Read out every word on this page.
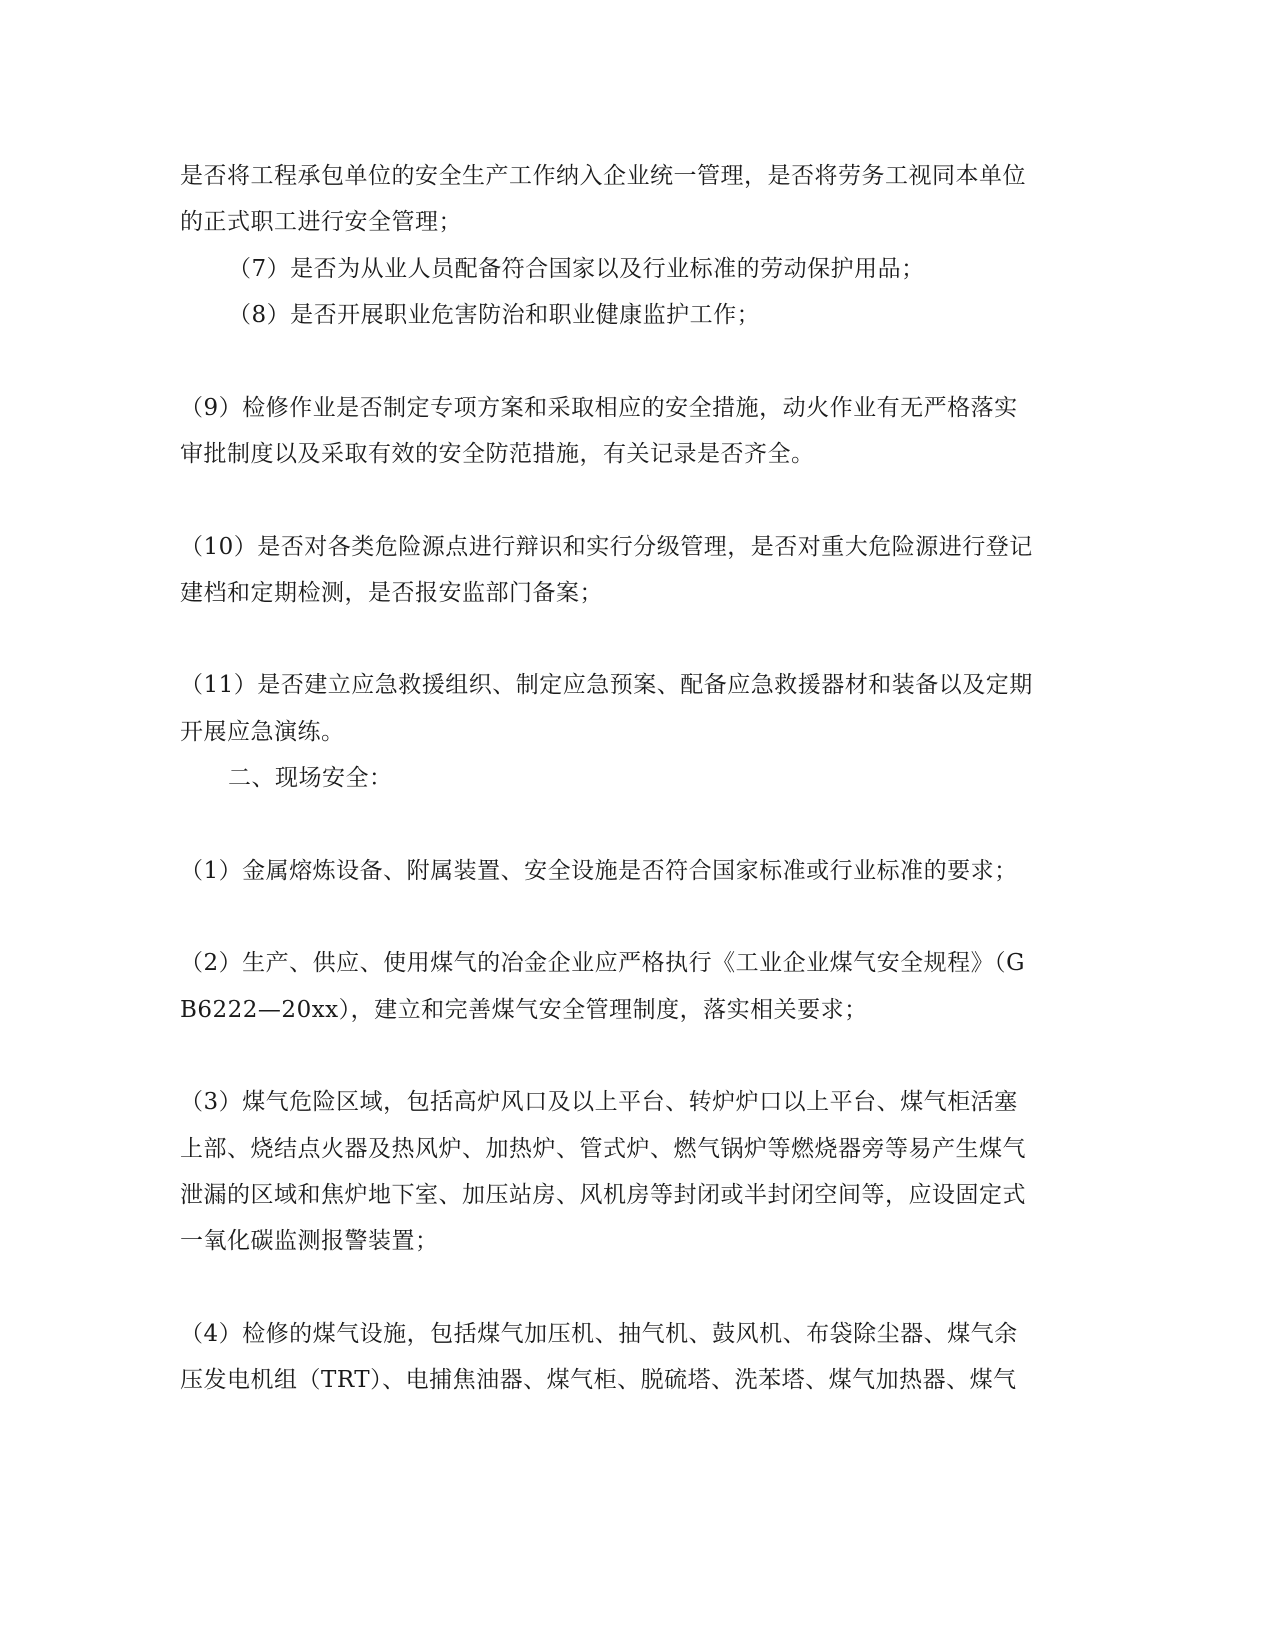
是否将工程承包单位的安全生产工作纳入企业统一管理，是否将劳务工视同本单位
的正式职工进行安全管理；
（7）是否为从业人员配备符合国家以及行业标准的劳动保护用品；
（8）是否开展职业危害防治和职业健康监护工作；
（9）检修作业是否制定专项方案和采取相应的安全措施，动火作业有无严格落实
审批制度以及采取有效的安全防范措施，有关记录是否齐全。
（10）是否对各类危险源点进行辩识和实行分级管理，是否对重大危险源进行登记
建档和定期检测，是否报安监部门备案；
（11）是否建立应急救援组织、制定应急预案、配备应急救援器材和装备以及定期
开展应急演练。
二、现场安全：
（1）金属熔炼设备、附属装置、安全设施是否符合国家标准或行业标准的要求；
（2）生产、供应、使用煤气的冶金企业应严格执行《工业企业煤气安全规程》（G
B6222—20xx），建立和完善煤气安全管理制度，落实相关要求；
（3）煤气危险区域，包括高炉风口及以上平台、转炉炉口以上平台、煤气柜活塞
上部、烧结点火器及热风炉、加热炉、管式炉、燃气锅炉等燃烧器旁等易产生煤气
泄漏的区域和焦炉地下室、加压站房、风机房等封闭或半封闭空间等，应设固定式
一氧化碳监测报警装置；
（4）检修的煤气设施，包括煤气加压机、抽气机、鼓风机、布袋除尘器、煤气余
压发电机组（TRT）、电捕焦油器、煤气柜、脱硫塔、洗苯塔、煤气加热器、煤气
